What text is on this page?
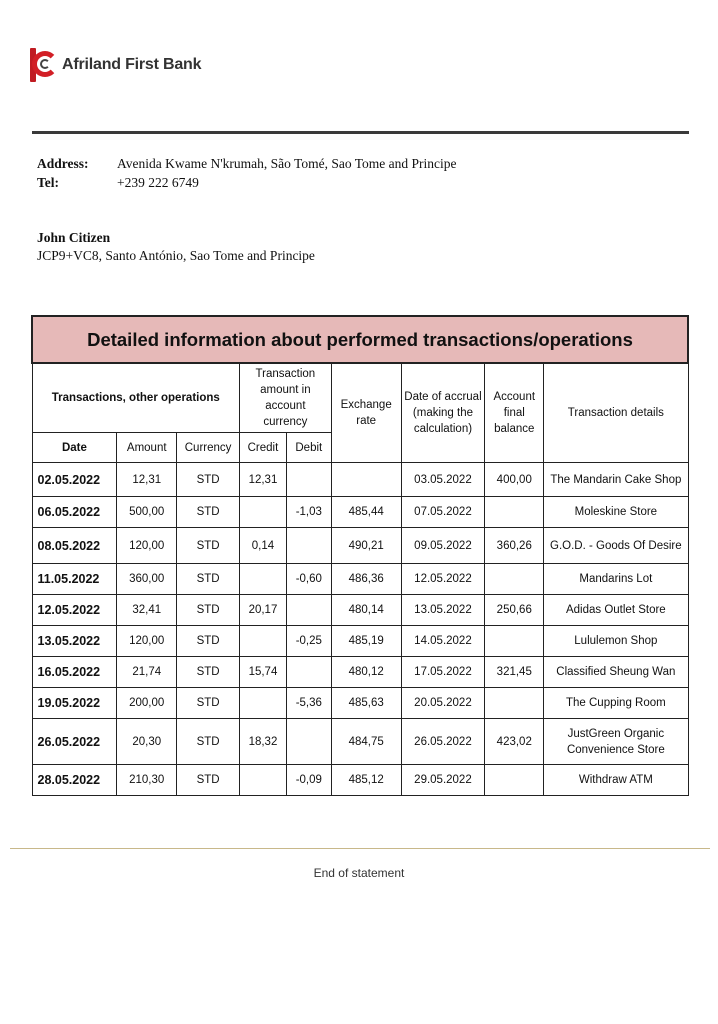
Afriland First Bank
Address:	Avenida Kwame N'krumah, São Tomé, Sao Tome and Principe
Tel:	+239 222 6749
John Citizen
JCP9+VC8, Santo António, Sao Tome and Principe
Detailed information about performed transactions/operations								
Transactions, other operations			Transaction amount in account currency		Exchange rate	Date of accrual (making the calculation)	Account final balance	Transaction details
Date	Amount	Currency	Credit	Debit				
02.05.2022	12,31	STD	12,31			03.05.2022	400,00	The Mandarin Cake Shop
06.05.2022	500,00	STD		-1,03	485,44	07.05.2022		Moleskine Store
08.05.2022	120,00	STD	0,14		490,21	09.05.2022	360,26	G.O.D. - Goods Of Desire
11.05.2022	360,00	STD		-0,60	486,36	12.05.2022		Mandarins Lot
12.05.2022	32,41	STD	20,17		480,14	13.05.2022	250,66	Adidas Outlet Store
13.05.2022	120,00	STD		-0,25	485,19	14.05.2022		Lululemon Shop
16.05.2022	21,74	STD	15,74		480,12	17.05.2022	321,45	Classified Sheung Wan
19.05.2022	200,00	STD		-5,36	485,63	20.05.2022		The Cupping Room
26.05.2022	20,30	STD	18,32		484,75	26.05.2022	423,02	JustGreen Organic Convenience Store
28.05.2022	210,30	STD		-0,09	485,12	29.05.2022		Withdraw ATM
End of statement
